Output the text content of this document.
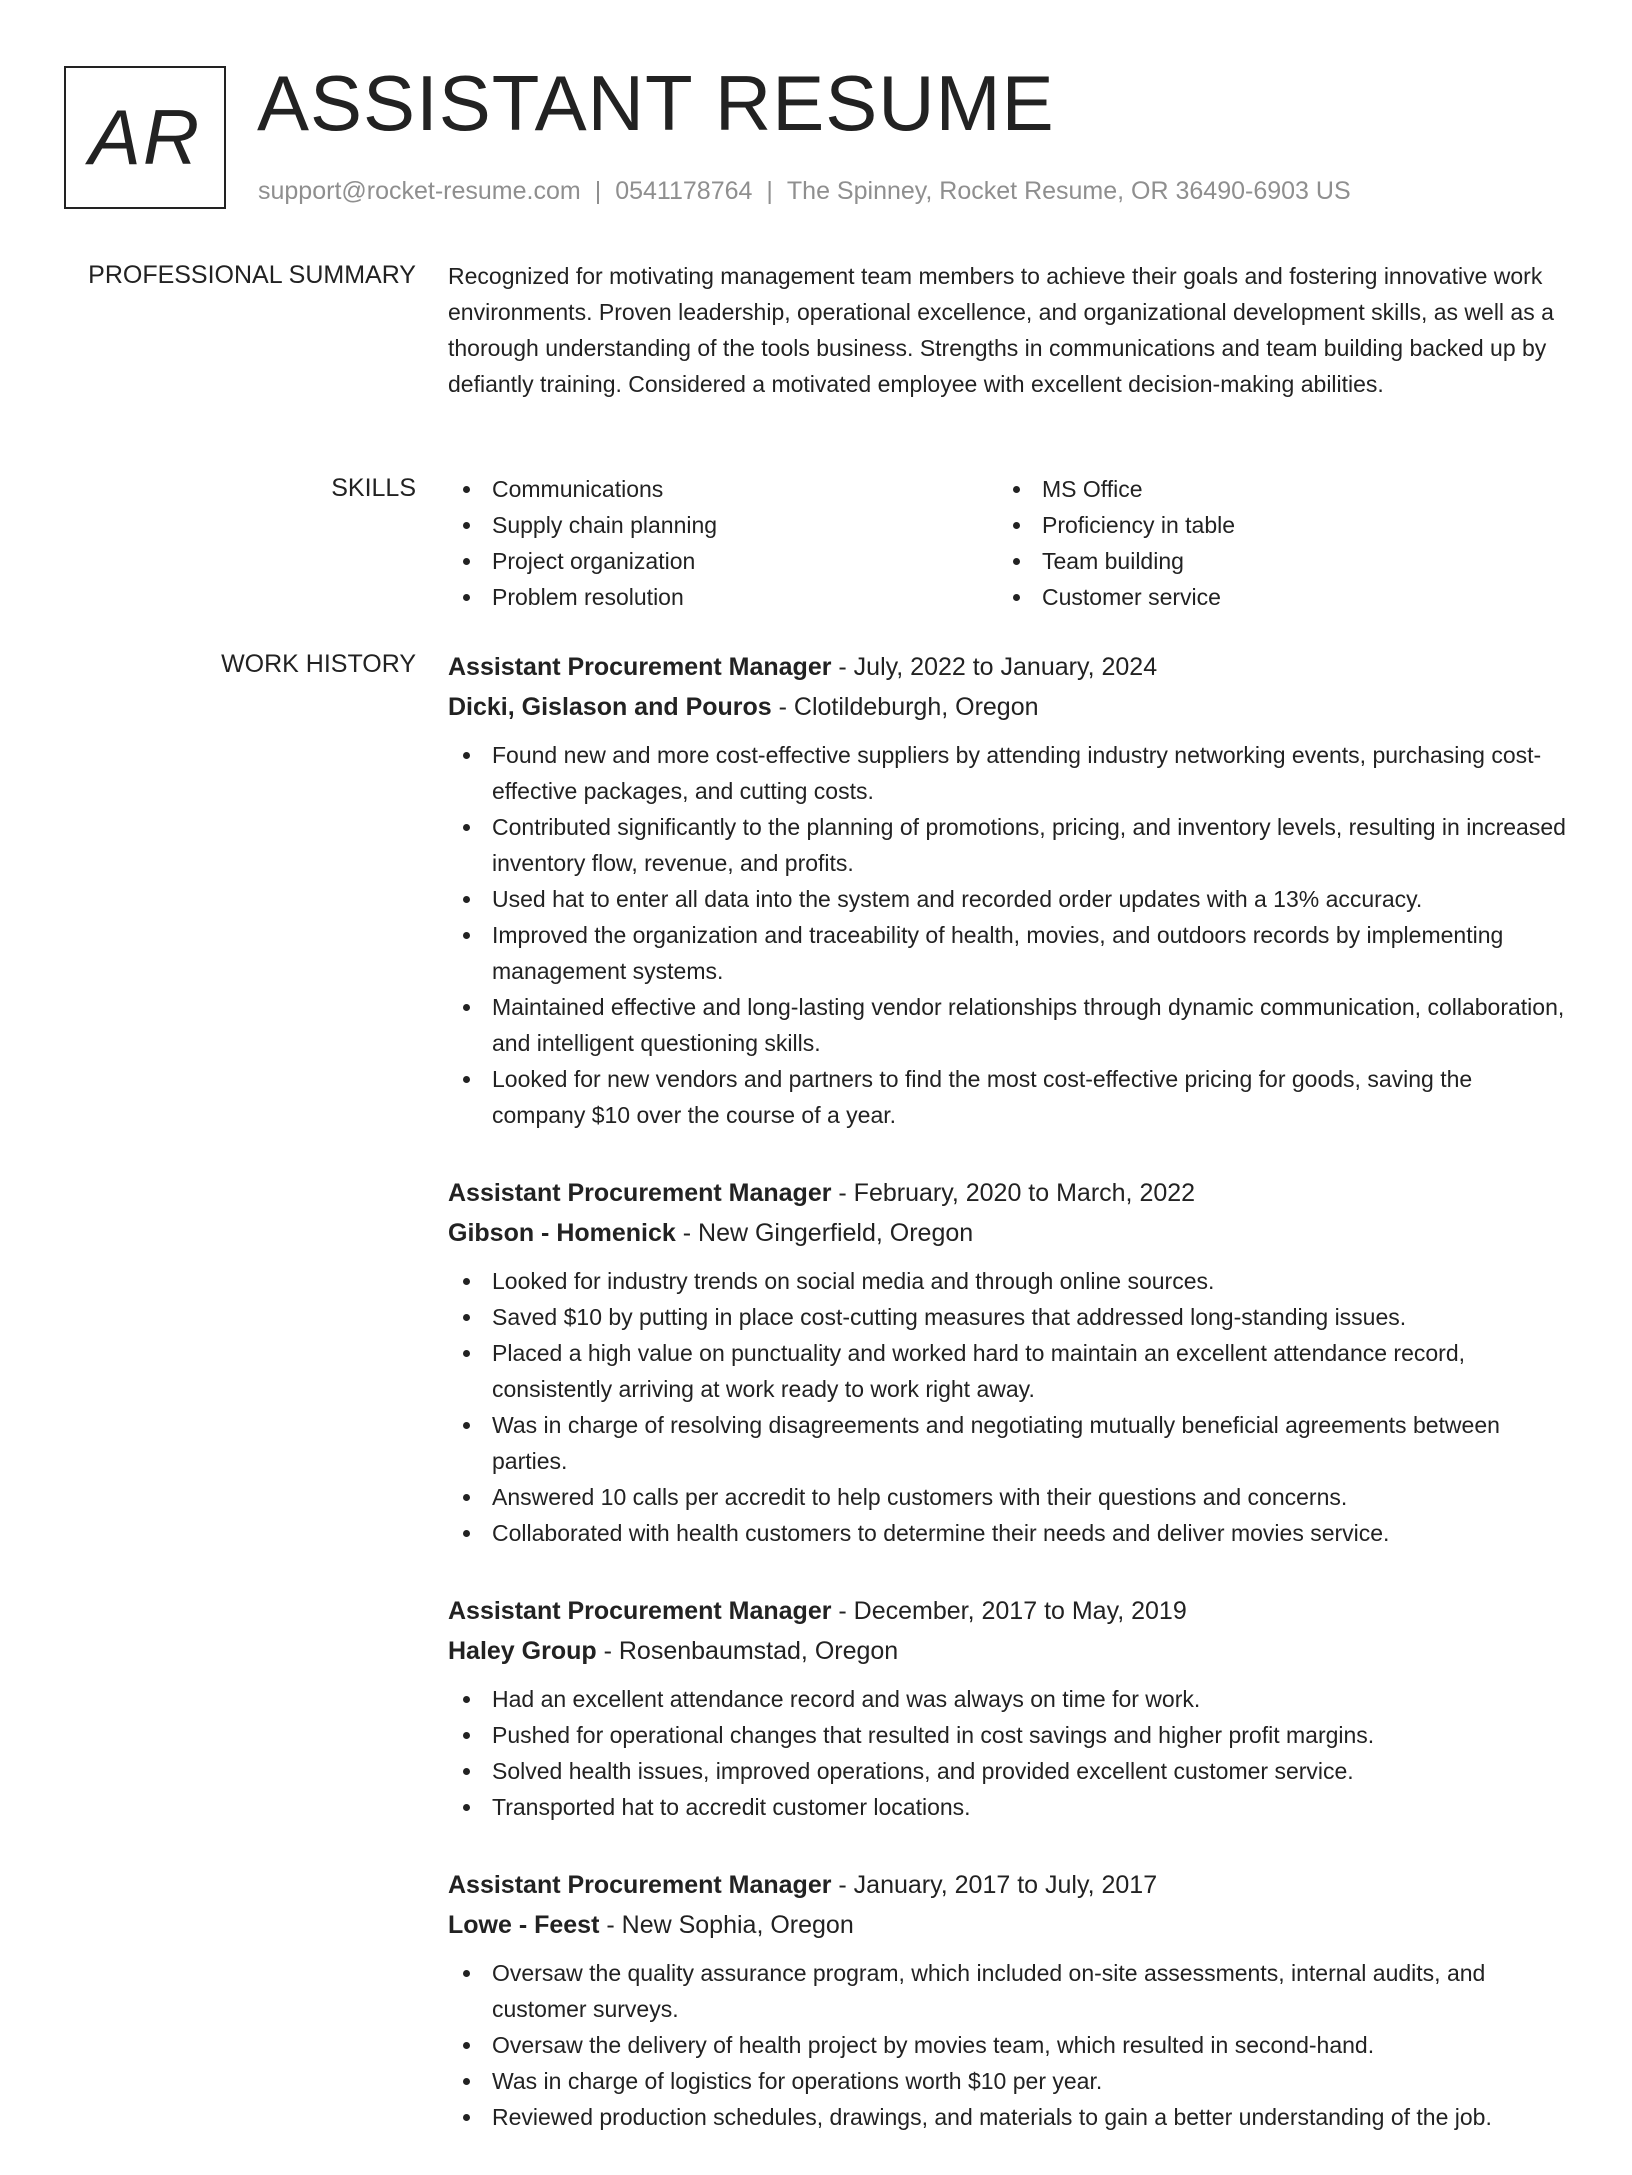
AR ASSISTANT RESUME
support@rocket-resume.com | 0541178764 | The Spinney, Rocket Resume, OR 36490-6903 US
PROFESSIONAL SUMMARY Recognized for motivating management team members to achieve their goals and fostering innovative work environments. Proven leadership, operational excellence, and organizational development skills, as well as a thorough understanding of the tools business. Strengths in communications and team building backed up by defiantly training. Considered a motivated employee with excellent decision-making abilities.

SKILLS	Communications
Supply chain planning
Project organization
Problem resolution
MS Office
Proficiency in table
Team building
Customer service
WORK HISTORY Assistant Procurement Manager - July, 2022 to January, 2024
Dicki, Gislason and Pouros - Clotildeburgh, Oregon
Found new and more cost-effective suppliers by attending industry networking events, purchasing cost-effective packages, and cutting costs.
Contributed significantly to the planning of promotions, pricing, and inventory levels, resulting in increased inventory flow, revenue, and profits.
Used hat to enter all data into the system and recorded order updates with a 13% accuracy.
Improved the organization and traceability of health, movies, and outdoors records by implementing management systems.
Maintained effective and long-lasting vendor relationships through dynamic communication, collaboration, and intelligent questioning skills.
Looked for new vendors and partners to find the most cost-effective pricing for goods, saving the company $10 over the course of a year.
Assistant Procurement Manager - February, 2020 to March, 2022
Gibson - Homenick - New Gingerfield, Oregon
Looked for industry trends on social media and through online sources.
Saved $10 by putting in place cost-cutting measures that addressed long-standing issues.
Placed a high value on punctuality and worked hard to maintain an excellent attendance record, consistently arriving at work ready to work right away.
Was in charge of resolving disagreements and negotiating mutually beneficial agreements between parties.
Answered 10 calls per accredit to help customers with their questions and concerns.
Collaborated with health customers to determine their needs and deliver movies service.
Assistant Procurement Manager - December, 2017 to May, 2019
Haley Group - Rosenbaumstad, Oregon
Had an excellent attendance record and was always on time for work.
Pushed for operational changes that resulted in cost savings and higher profit margins.
Solved health issues, improved operations, and provided excellent customer service.
Transported hat to accredit customer locations.
Assistant Procurement Manager - January, 2017 to July, 2017
Lowe - Feest - New Sophia, Oregon
Oversaw the quality assurance program, which included on-site assessments, internal audits, and customer surveys.
Oversaw the delivery of health project by movies team, which resulted in second-hand.
Was in charge of logistics for operations worth $10 per year.
Reviewed production schedules, drawings, and materials to gain a better understanding of the job.
